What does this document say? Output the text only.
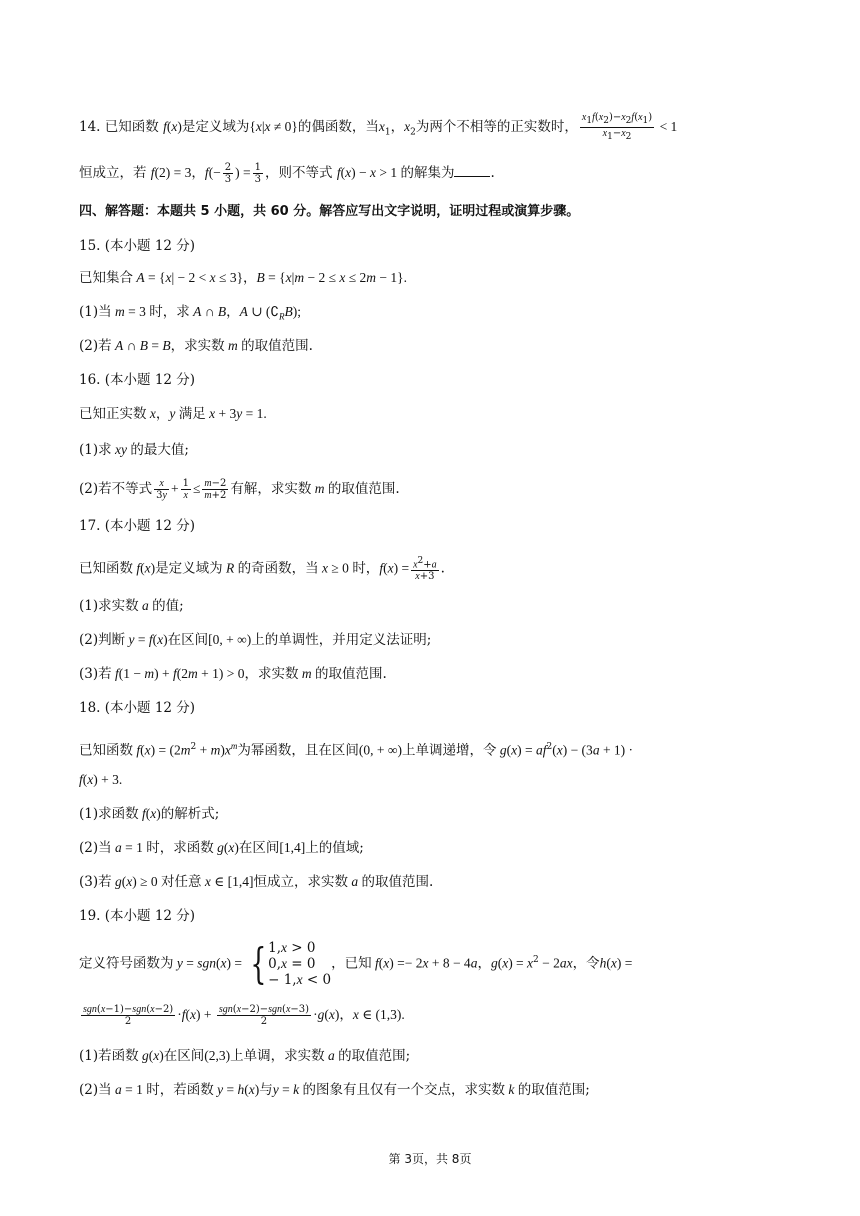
14. 已知函数 f(x)是定义域为{x|x ≠ 0}的偶函数，当$x_1$，$x_2$为两个不相等的正实数时， $\frac{x_1f(x_2)-x_2f(x_1)}{x_1-x_2} < 1$
恒成立，若 f(2) = 3，$f(- \frac{2}{3}$ ) = $\frac{1}{3}$ ，则不等式 f(x) − x > 1 的解集为	.
四、解答题：本题共 5 小题，共 60 分。解答应写出文字说明，证明过程或演算步骤。
15. (本小题 12 分)
已知集合 A = {x| − 2 < x ≤ 3}，B = {x|m − 2 ≤ x ≤ 2m − 1}.
(1)当 m = 3 时，求 A ∩ B，A ∪ $(∁_RB)$;
(2)若 A ∩ B = B，求实数 m 的取值范围.
16. (本小题 12 分)
已知正实数 x，y 满足 x + 3y = 1.
(1)求 xy 的最大值;
(2)若不等式 $\frac{x}{3y} + \frac{1}{x} \le \frac{m-2}{m+2}$ 有解，求实数 m 的取值范围.
17. (本小题 12 分)
已知函数 f(x)是定义域为 R 的奇函数，当 x ≥ 0 时，$f(x) = \frac{x^2+a}{x+3}$ .
(1)求实数 a 的值;
(2)判断 y = f(x)在区间[0, + ∞)上的单调性，并用定义法证明;
(3)若 f(1 − m) + f(2m + 1) > 0，求实数 m 的取值范围.
18. (本小题 12 分)
已知函数 $f(x) = (2m^2 + m)x^m$为幂函数，且在区间(0, + ∞)上单调递增，令 $g(x) = af^2(x) - (3a + 1)$ ·
f(x) + 3.
(1)求函数 f(x)的解析式;
(2)当 a = 1 时，求函数 g(x)在区间[1,4]上的值域;
(3)若 g(x) ≥ 0 对任意 x ∈ [1,4]恒成立，求实数 a 的取值范围.
19. (本小题 12 分)
定义符号函数为 y = sgn(x) = { 1,x > 0
0,x = 0
− 1,x < 0
，已知 f(x) =− 2x + 8 − 4a，$g(x) = x^2 - 2ax$，令h(x) =
$\frac{\text{sgn(x−1)−sgn(x−2)}}{2} \cdot f(x) + \frac{\text{sgn(x−2)−sgn(x−3)}}{2} \cdot g(x)$，x ∈ (1,3).
(1)若函数 g(x)在区间(2,3)上单调，求实数 a 的取值范围;
(2)当 a = 1 时，若函数 y = h(x)与y = k 的图象有且仅有一个交点，求实数 k 的取值范围;
第 3页，共 8页
